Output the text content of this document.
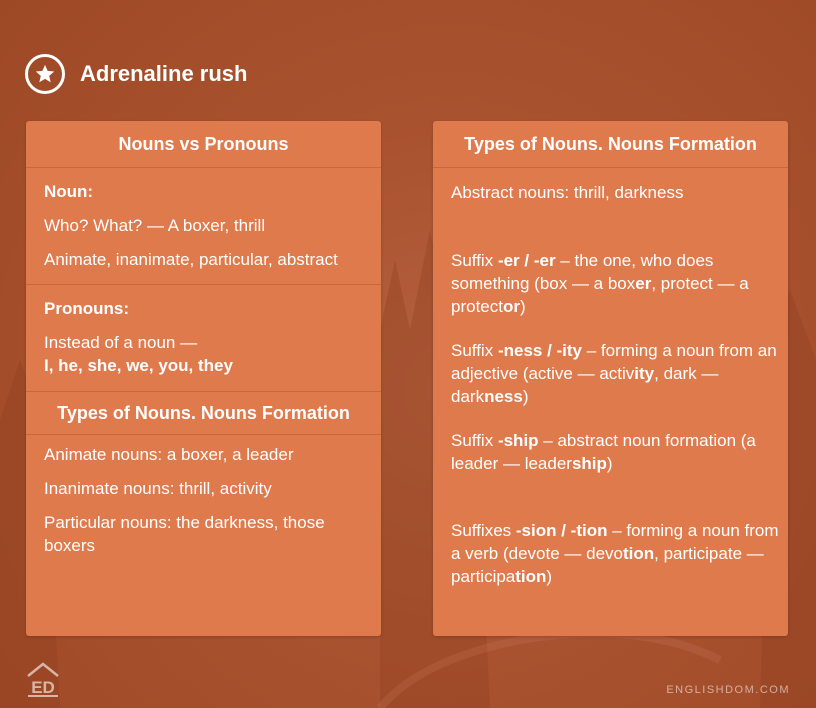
Adrenaline rush
Nouns vs Pronouns
Noun:
Who? What? — A boxer, thrill
Animate, inanimate, particular, abstract
Pronouns:
Instead of a noun —
I, he, she, we, you, they
Types of Nouns. Nouns Formation
Animate nouns: a boxer, a leader
Inanimate nouns: thrill, activity
Particular nouns: the darkness, those boxers
Types of Nouns. Nouns Formation
Abstract nouns: thrill, darkness
Suffix -er / -er – the one, who does something (box — a boxer, protect — a protector)
Suffix -ness / -ity – forming a noun from an adjective (active — activity, dark — darkness)
Suffix -ship – abstract noun formation (a leader — leadership)
Suffixes -sion / -tion – forming a noun from a verb (devote — devotion, participate — participation)
ED	ENGLISHDOM.COM
